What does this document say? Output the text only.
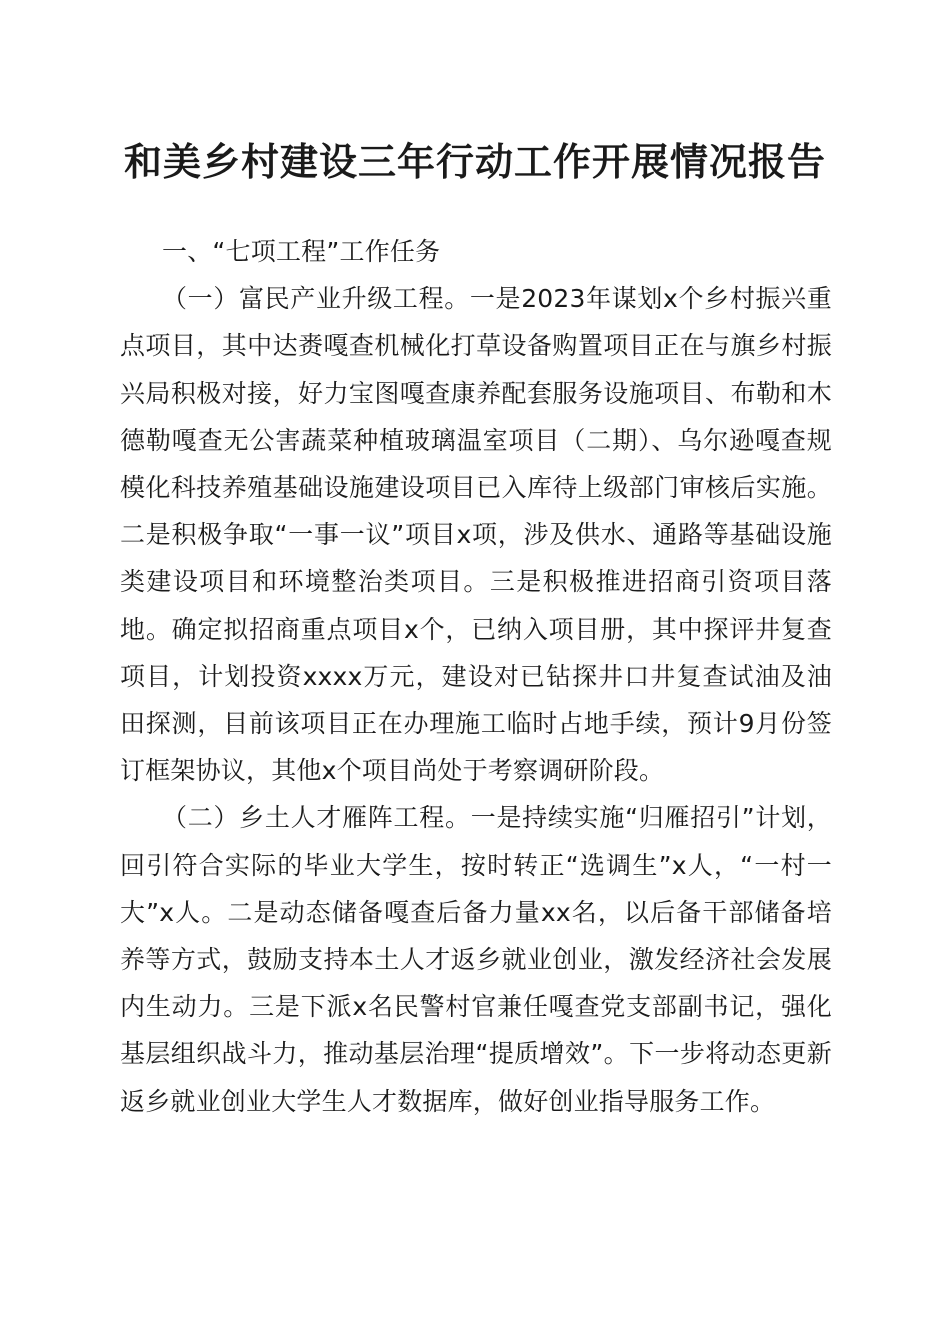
和美乡村建设三年行动工作开展情况报告
一、“七项工程”工作任务

（一）富民产业升级工程。一是2023年谋划x个乡村振兴重点项目，其中达赉嘎查机械化打草设备购置项目正在与旗乡村振兴局积极对接，好力宝图嘎查康养配套服务设施项目、布勒和木德勒嘎查无公害蔬菜种植玻璃温室项目（二期）、乌尔逊嘎查规模化科技养殖基础设施建设项目已入库待上级部门审核后实施。二是积极争取“一事一议”项目x项，涉及供水、通路等基础设施类建设项目和环境整治类项目。三是积极推进招商引资项目落地。确定拟招商重点项目x个，已纳入项目册，其中探评井复查项目，计划投资xxxx万元，建设对已钻探井口井复查试油及油田探测，目前该项目正在办理施工临时占地手续，预计9月份签订框架协议，其他x个项目尚处于考察调研阶段。

（二）乡土人才雁阵工程。一是持续实施“归雁招引”计划，回引符合实际的毕业大学生，按时转正“选调生”x人，“一村一大”x人。二是动态储备嘎查后备力量xx名，以后备干部储备培养等方式，鼓励支持本土人才返乡就业创业，激发经济社会发展内生动力。三是下派x名民警村官兼任嘎查党支部副书记，强化基层组织战斗力，推动基层治理“提质增效”。下一步将动态更新返乡就业创业大学生人才数据库，做好创业指导服务工作。
